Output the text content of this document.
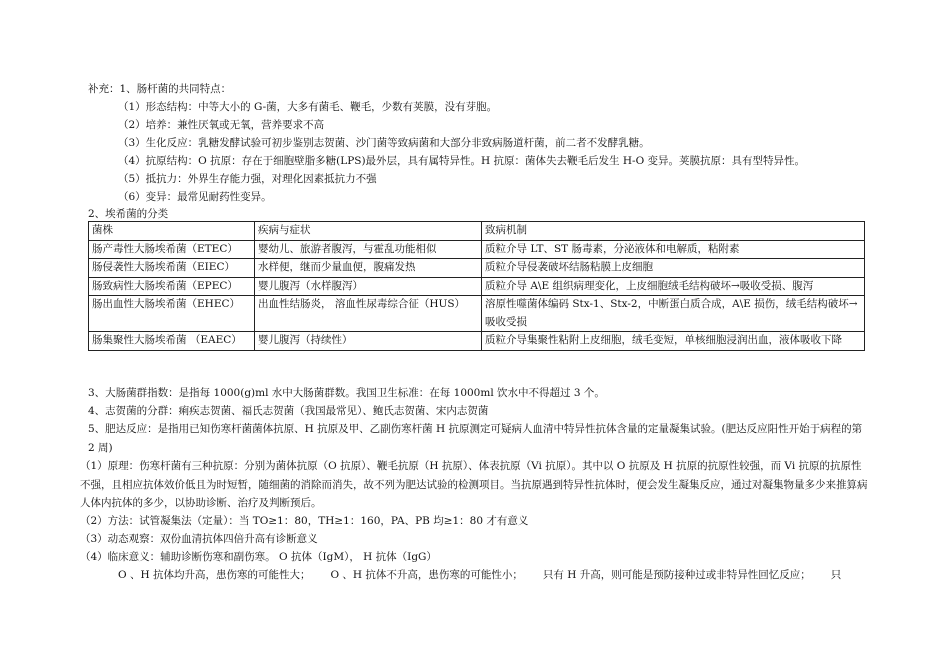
补充：1、肠杆菌的共同特点：
（1）形态结构：中等大小的 G-菌，大多有菌毛、鞭毛，少数有荚膜，没有芽胞。
（2）培养：兼性厌氧或无氧，营养要求不高
（3）生化反应：乳糖发酵试验可初步鉴别志贺菌、沙门菌等致病菌和大部分非致病肠道杆菌，前二者不发酵乳糖。
（4）抗原结构：O 抗原：存在于细胞壁脂多糖(LPS)最外层，具有属特异性。H 抗原：菌体失去鞭毛后发生 H-O 变异。荚膜抗原：具有型特异性。
（5）抵抗力：外界生存能力强，对理化因素抵抗力不强
（6）变异：最常见耐药性变异。
2、埃希菌的分类
菌株	疾病与症状	致病机制
肠产毒性大肠埃希菌（ETEC）	婴幼儿、旅游者腹泻，与霍乱功能相似	质粒介导 LT、ST 肠毒素，分泌液体和电解质，粘附素
肠侵袭性大肠埃希菌（EIEC）	水样便，继而少量血便，腹痛发热	质粒介导侵袭破坏结肠粘膜上皮细胞
肠致病性大肠埃希菌（EPEC）	婴儿腹泻（水样腹泻）	质粒介导 A\E 组织病理变化，上皮细胞绒毛结构破坏→吸收受损、腹泻
肠出血性大肠埃希菌（EHEC）	出血性结肠炎， 溶血性尿毒综合征（HUS）	溶原性噬菌体编码 Stx-1、Stx-2，中断蛋白质合成，A\E 损伤，绒毛结构破坏→吸收受损
肠集聚性大肠埃希菌 （EAEC）	婴儿腹泻（持续性）	质粒介导集聚性粘附上皮细胞，绒毛变短，单核细胞浸润出血，液体吸收下降
3、大肠菌群指数：是指每 1000(g)ml 水中大肠菌群数。我国卫生标准：在每 1000ml 饮水中不得超过 3 个。
4、志贺菌的分群：痢疾志贺菌、福氏志贺菌（我国最常见）、鲍氏志贺菌、宋内志贺菌
5、肥达反应：是指用已知伤寒杆菌菌体抗原、H 抗原及甲、乙副伤寒杆菌 H 抗原测定可疑病人血清中特异性抗体含量的定量凝集试验。(肥达反应阳性开始于病程的第 2 周)
（1）原理：伤寒杆菌有三种抗原：分别为菌体抗原（O 抗原）、鞭毛抗原（H 抗原）、体表抗原（Vi 抗原）。其中以 O 抗原及 H 抗原的抗原性较强，而 Vi 抗原的抗原性不强，且相应抗体效价低且为时短暂，随细菌的消除而消失，故不列为肥达试验的检测项目。当抗原遇到特异性抗体时，便会发生凝集反应，通过对凝集物量多少来推算病人体内抗体的多少，以协助诊断、治疗及判断预后。
（2）方法：试管凝集法（定量）：当 TO≥1：80，TH≥1：160，PA、PB 均≥1：80 才有意义
（3）动态观察：双份血清抗体四倍升高有诊断意义
（4）临床意义：辅助诊断伤寒和副伤寒。 O 抗体（IgM）， H 抗体（IgG）
O 、H 抗体均升高，患伤寒的可能性大；      O 、H 抗体不升高，患伤寒的可能性小；      只有 H 升高，则可能是预防接种过或非特异性回忆反应；      只
